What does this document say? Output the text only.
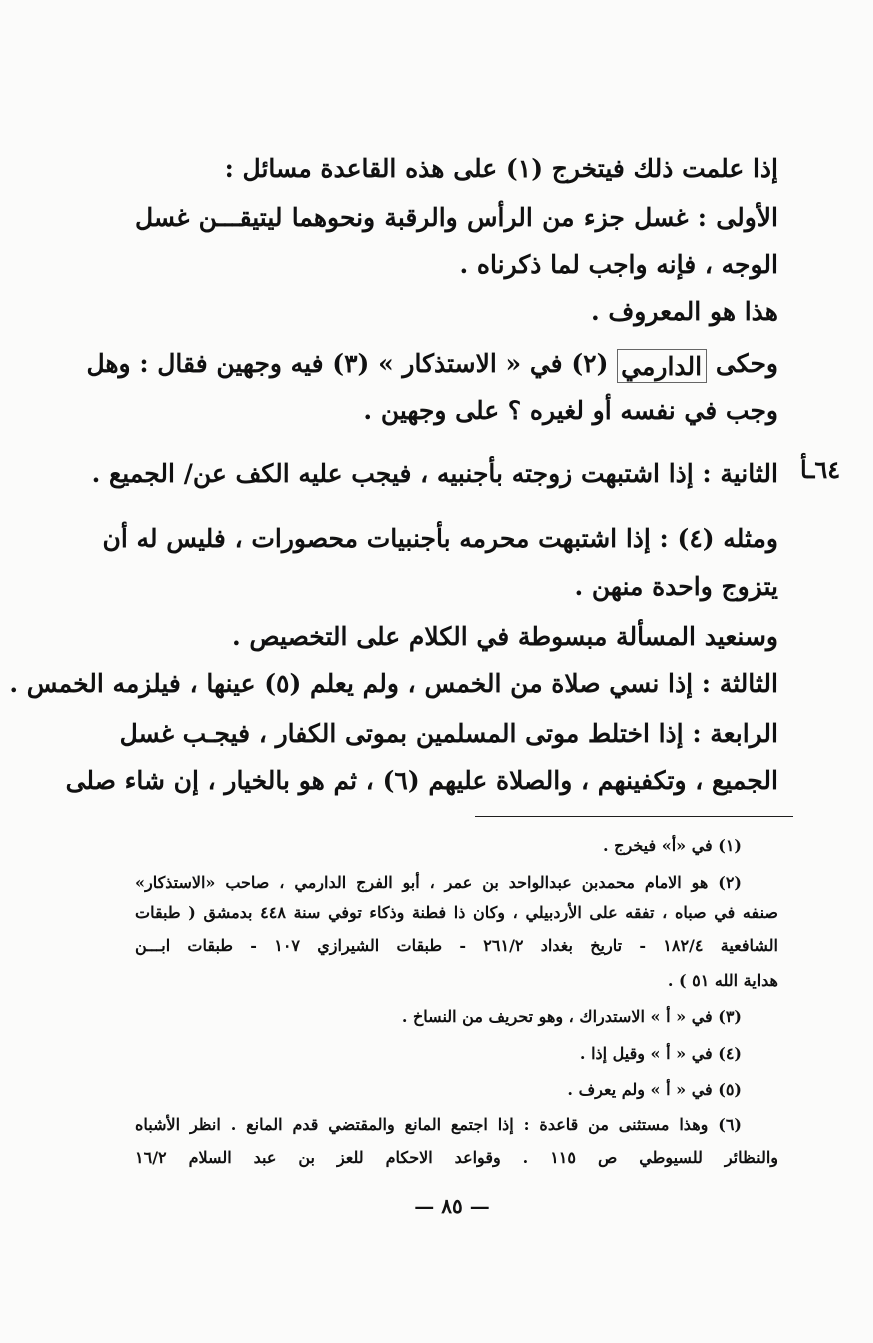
٦٤ـأ
إذا علمت ذلك فيتخرج (١) على هذه القاعدة مسائل :
الأولى : غسل جزء من الرأس والرقبة ونحوهما ليتيقـــن غسل
الوجه ، فإنه واجب لما ذكرناه .
هذا هو المعروف .
وحكى الدارمي (٢) في « الاستذكار » (٣) فيه وجهين فقال : وهل
وجب في نفسه أو لغيره ؟ على وجهين .
الثانية : إذا اشتبهت زوجته بأجنبيه ، فيجب عليه الكف عن/ الجميع .
ومثله (٤) : إذا اشتبهت محرمه بأجنبيات محصورات ، فليس له أن
يتزوج واحدة منهن .
وسنعيد المسألة مبسوطة في الكلام على التخصيص .
الثالثة : إذا نسي صلاة من الخمس ، ولم يعلم (٥) عينها ، فيلزمه الخمس .
الرابعة : إذا اختلط موتى المسلمين بموتى الكفار ، فيجـب غسل
الجميع ، وتكفينهم ، والصلاة عليهم (٦) ، ثم هو بالخيار ، إن شاء صلى
(١) في «أ» فيخرج .
(٢) هو الامام محمدبن عبدالواحد بن عمر ، أبو الفرج الدارمي ، صاحب «الاستذكار»
صنفه في صباه ، تفقه على الأردبيلي ، وكان ذا فطنة وذكاء توفي سنة ٤٤٨ بدمشق ( طبقات
الشافعية ١٨٢/٤ - تاريخ بغداد ٢٦١/٢ - طبقات الشيرازي ١٠٧ - طبقات ابـــن
هداية الله ٥١ ) .
(٣) في « أ » الاستدراك ، وهو تحريف من النساخ .
(٤) في « أ » وقيل إذا .
(٥) في « أ » ولم يعرف .
(٦) وهذا مستثنى من قاعدة : إذا اجتمع المانع والمقتضي قدم المانع . انظر الأشباه
والنظائر للسيوطي ص ١١٥ . وقواعد الاحكام للعز بن عبد السلام ١٦/٢
— ٨٥ —
